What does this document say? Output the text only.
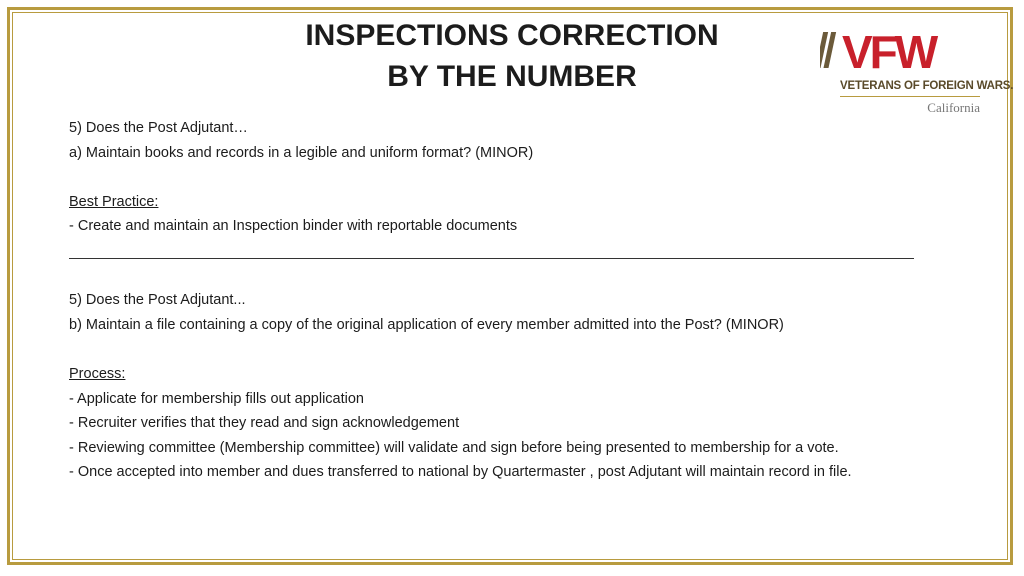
INSPECTIONS CORRECTION
BY THE NUMBER	VFW
VETERANS OF FOREIGN WARS.
California
5) Does the Post Adjutant…
a) Maintain books and records in a legible and uniform format? (MINOR)
Best Practice:
- Create and maintain an Inspection binder with reportable documents
5) Does the Post Adjutant...
b) Maintain a file containing a copy of the original application of every member admitted into the Post? (MINOR)
Process:
- Applicate for membership fills out application
- Recruiter verifies that they read and sign acknowledgement
- Reviewing committee (Membership committee) will validate and sign before being presented to membership for a vote.
- Once accepted into member and dues transferred to national by Quartermaster , post Adjutant will maintain record in file.
